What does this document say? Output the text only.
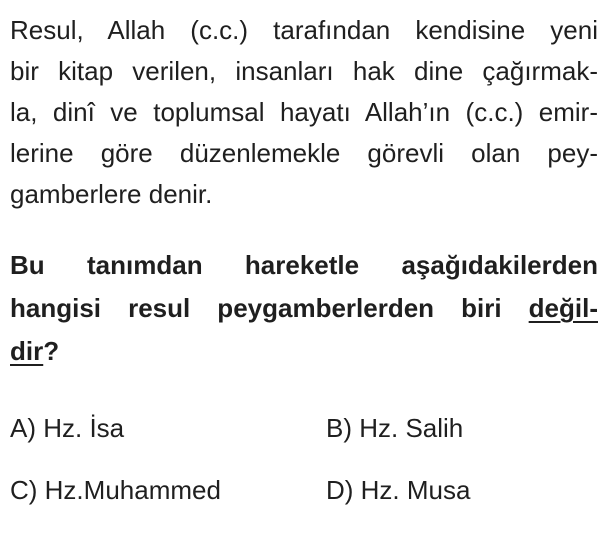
Resul, Allah (c.c.) tarafından kendisine yeni
bir kitap verilen, insanları hak dine çağırmak-
la, dinî ve toplumsal hayatı Allah’ın (c.c.) emir-
lerine göre düzenlemekle görevli olan pey-
gamberlere denir.
Bu tanımdan hareketle aşağıdakilerden
hangisi resul peygamberlerden biri değil-
dir?
A) Hz. İsa	B) Hz. Salih
C) Hz.Muhammed	D) Hz. Musa
